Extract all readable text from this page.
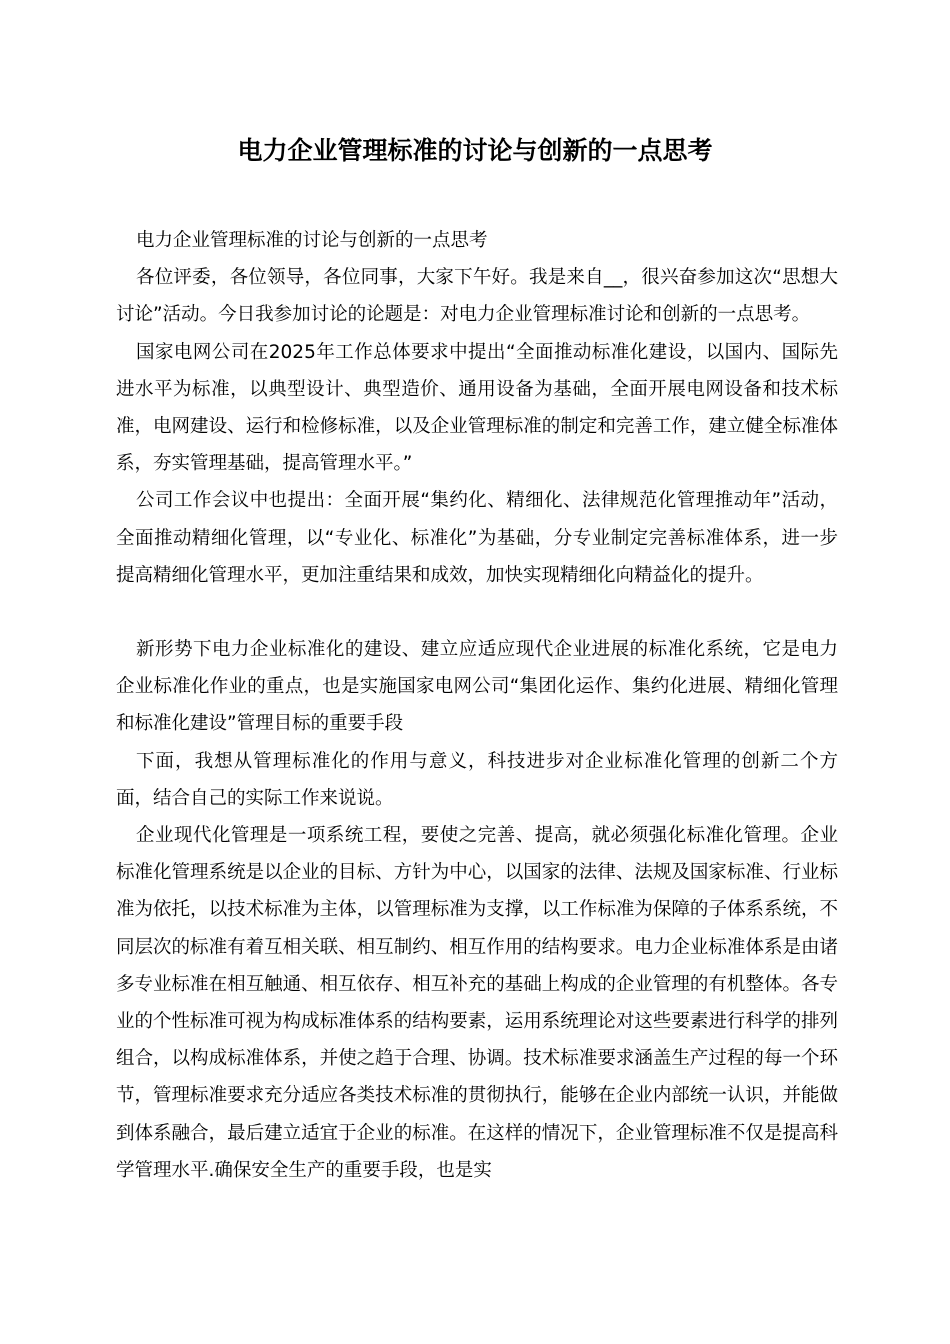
电力企业管理标准的讨论与创新的一点思考

电力企业管理标准的讨论与创新的一点思考

各位评委，各位领导，各位同事，大家下午好。我是来自__，很兴奋参加这次“思想大讨论”活动。今日我参加讨论的论题是：对电力企业管理标准讨论和创新的一点思考。

国家电网公司在2025年工作总体要求中提出“全面推动标准化建设，以国内、国际先进水平为标准，以典型设计、典型造价、通用设备为基础，全面开展电网设备和技术标准，电网建设、运行和检修标准，以及企业管理标准的制定和完善工作，建立健全标准体系，夯实管理基础，提高管理水平。”

公司工作会议中也提出：全面开展“集约化、精细化、法律规范化管理推动年”活动，全面推动精细化管理，以“专业化、标准化”为基础，分专业制定完善标准体系，进一步提高精细化管理水平，更加注重结果和成效，加快实现精细化向精益化的提升。

新形势下电力企业标准化的建设、建立应适应现代企业进展的标准化系统，它是电力企业标准化作业的重点，也是实施国家电网公司“集团化运作、集约化进展、精细化管理和标准化建设”管理目标的重要手段

下面，我想从管理标准化的作用与意义，科技进步对企业标准化管理的创新二个方面，结合自己的实际工作来说说。

企业现代化管理是一项系统工程，要使之完善、提高，就必须强化标准化管理。企业标准化管理系统是以企业的目标、方针为中心，以国家的法律、法规及国家标准、行业标准为依托，以技术标准为主体，以管理标准为支撑，以工作标准为保障的子体系系统，不同层次的标准有着互相关联、相互制约、相互作用的结构要求。电力企业标准体系是由诸多专业标准在相互触通、相互依存、相互补充的基础上构成的企业管理的有机整体。各专业的个性标准可视为构成标准体系的结构要素，运用系统理论对这些要素进行科学的排列组合，以构成标准体系，并使之趋于合理、协调。技术标准要求涵盖生产过程的每一个环节，管理标准要求充分适应各类技术标准的贯彻执行，能够在企业内部统一认识，并能做到体系融合，最后建立适宜于企业的标准。在这样的情况下，企业管理标准不仅是提高科学管理水平.确保安全生产的重要手段，也是实
